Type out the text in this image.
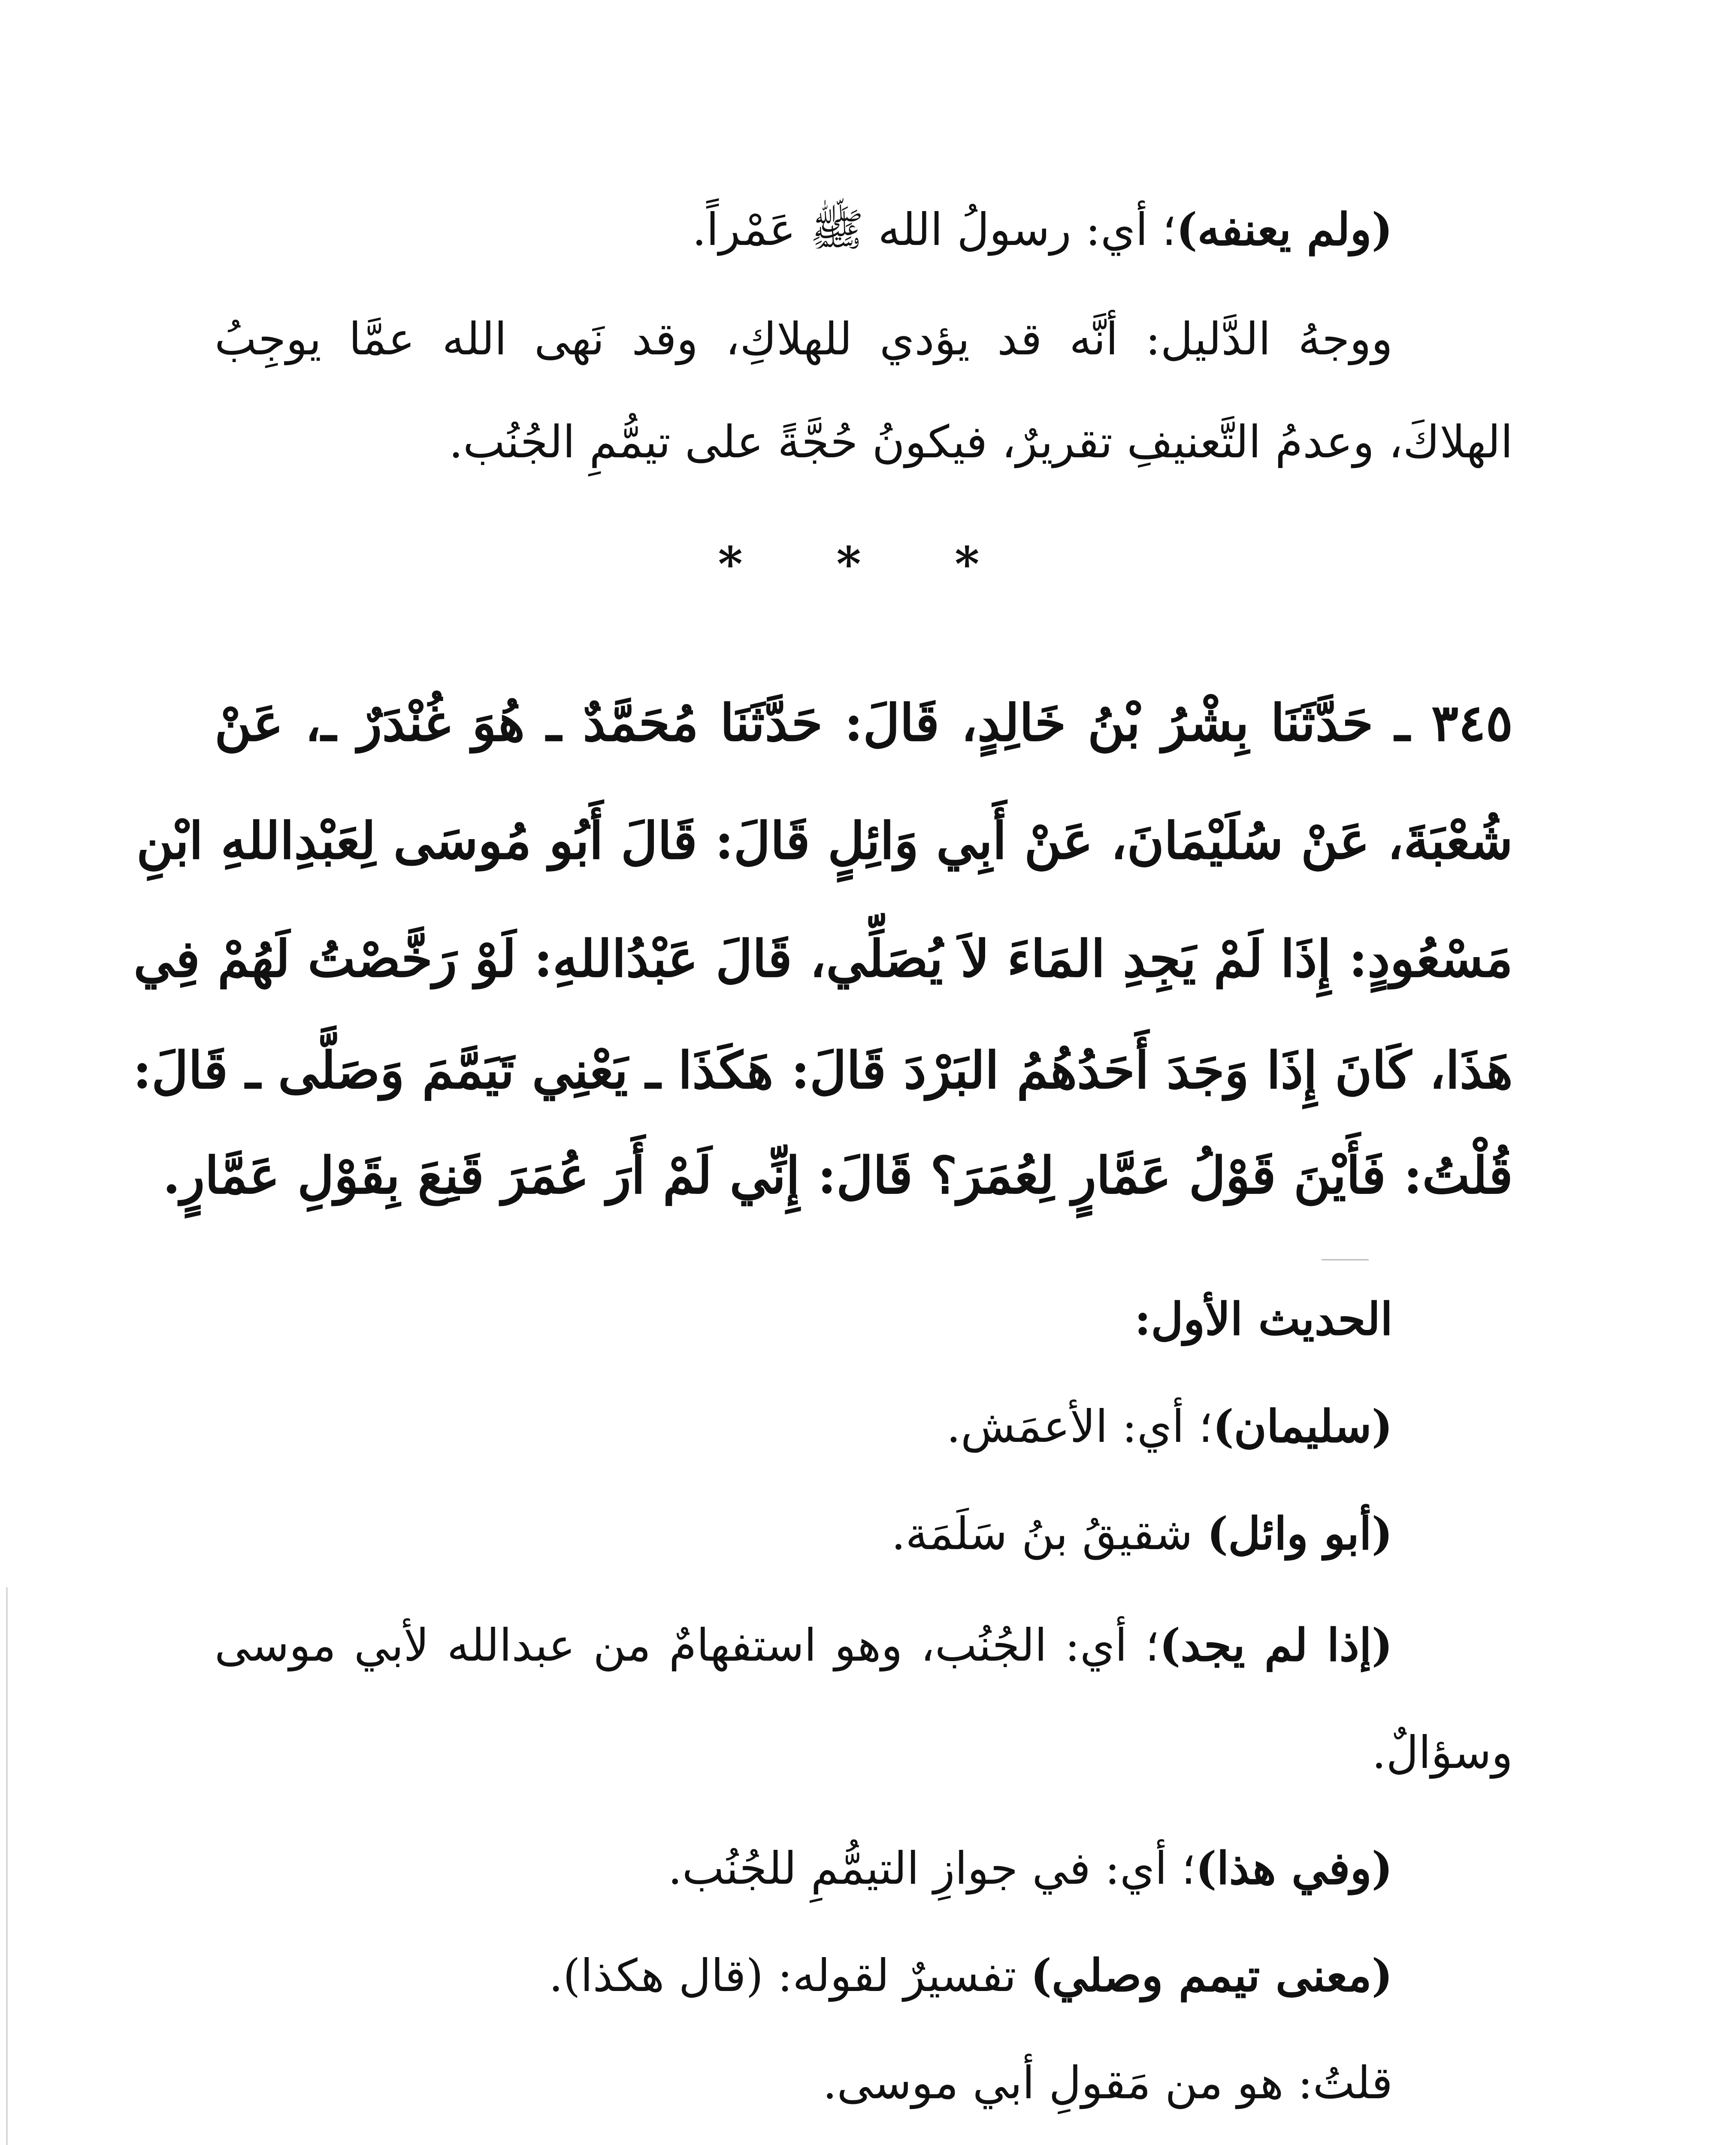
(ولم يعنفه)؛ أي: رسولُ الله ﷺ عَمْراً.
ووجهُ الدَّليل: أنَّه قد يؤدي للهلاكِ، وقد نَهى الله عمَّا يوجِبُ
الهلاكَ، وعدمُ التَّعنيفِ تقريرٌ، فيكونُ حُجَّةً على تيمُّمِ الجُنُب.
* * *
٣٤٥ ـ حَدَّثَنَا بِشْرُ بْنُ خَالِدٍ، قَالَ: حَدَّثَنَا مُحَمَّدٌ ـ هُوَ غُنْدَرٌ ـ، عَنْ
شُعْبَةَ، عَنْ سُلَيْمَانَ، عَنْ أَبِي وَائِلٍ قَالَ: قَالَ أَبُو مُوسَى لِعَبْدِاللهِ ابْنِ
مَسْعُودٍ: إِذَا لَمْ يَجِدِ المَاءَ لاَ يُصَلِّي، قَالَ عَبْدُاللهِ: لَوْ رَخَّصْتُ لَهُمْ فِي
هَذَا، كَانَ إِذَا وَجَدَ أَحَدُهُمُ البَرْدَ قَالَ: هَكَذَا ـ يَعْنِي تَيَمَّمَ وَصَلَّى ـ قَالَ:
قُلْتُ: فَأَيْنَ قَوْلُ عَمَّارٍ لِعُمَرَ؟ قَالَ: إِنِّي لَمْ أَرَ عُمَرَ قَنِعَ بِقَوْلِ عَمَّارٍ.
الحديث الأول:
(سليمان)؛ أي: الأعمَش.
(أبو وائل) شقيقُ بنُ سَلَمَة.
(إذا لم يجد)؛ أي: الجُنُب، وهو استفهامٌ من عبدالله لأبي موسى
وسؤالٌ.
(وفي هذا)؛ أي: في جوازِ التيمُّمِ للجُنُب.
(معنى تيمم وصلي) تفسيرٌ لقوله: (قال هكذا).
قلتُ: هو من مَقولِ أبي موسى.
